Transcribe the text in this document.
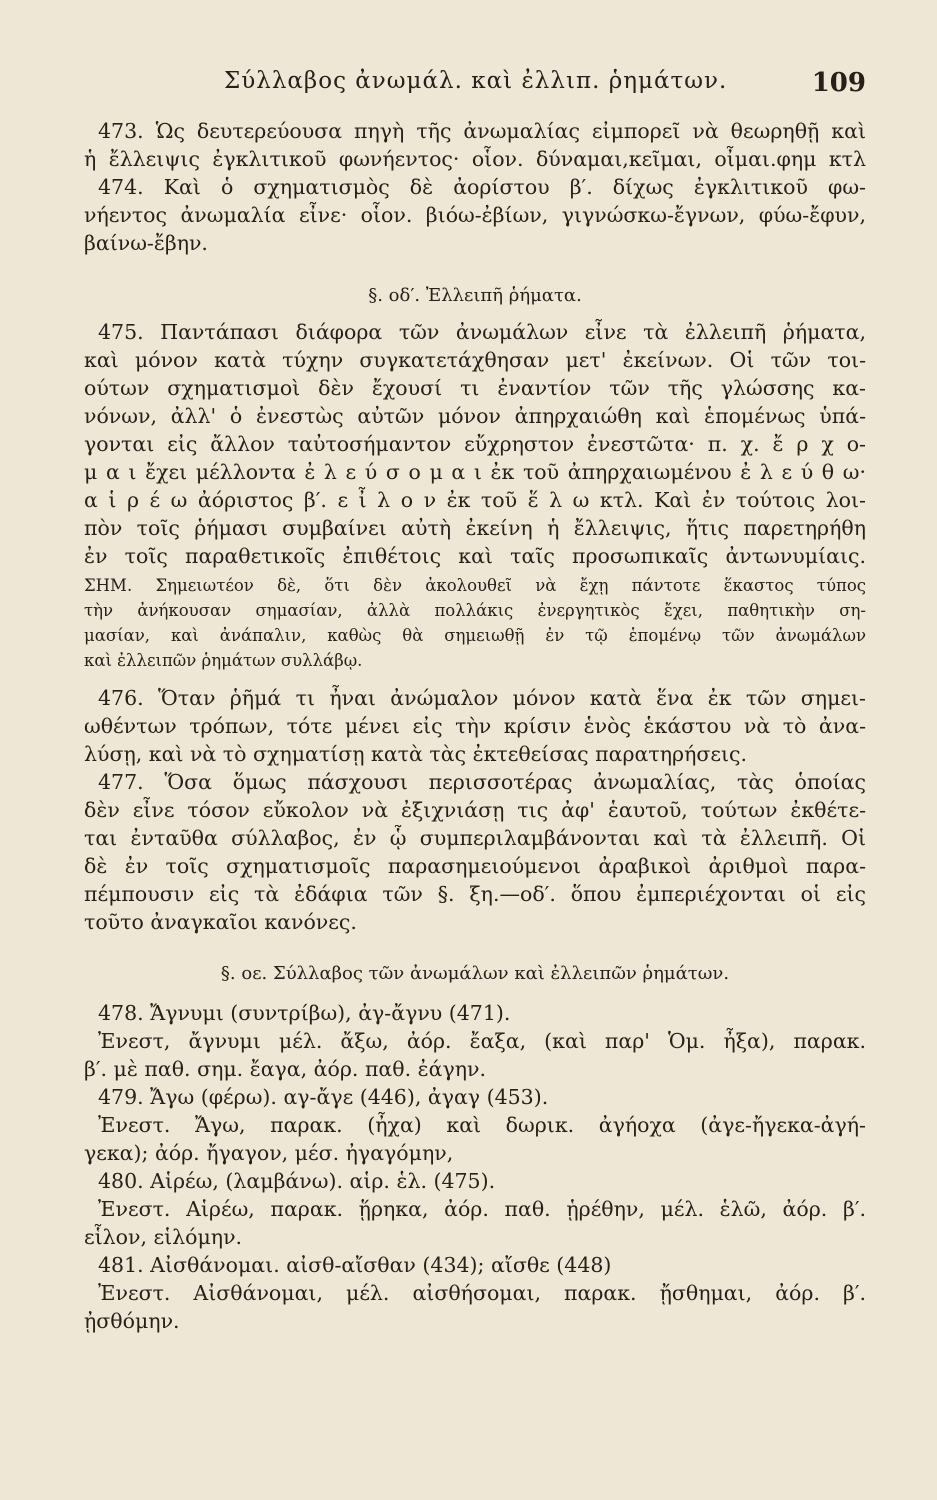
Σύλλαβος ἀνωμάλ. καὶ ἐλλιπ. ῥημάτων.	109
473. Ὡς δευτερεύουσα πηγὴ τῆς ἀνωμαλίας εἰμπορεῖ νὰ θεωρηθῇ καὶ
ἡ ἔλλειψις ἐγκλιτικοῦ φωνήεντος· οἷον. δύναμαι,κεῖμαι, οἶμαι.φημ κτλ
474. Καὶ ὁ σχηματισμὸς δὲ ἀορίστου β′. δίχως ἐγκλιτικοῦ φω-
νήεντος ἀνωμαλία εἶνε· οἷον. βιόω-ἐβίων, γιγνώσκω-ἔγνων, φύω-ἔφυν,
βαίνω-ἔβην.
§. οδ′. Ἐλλειπῆ ῥήματα.
475. Παντάπασι διάφορα τῶν ἀνωμάλων εἶνε τὰ ἐλλειπῆ ῥήματα,
καὶ μόνον κατὰ τύχην συγκατετάχθησαν μετ' ἐκείνων. Οἱ τῶν τοι-
ούτων σχηματισμοὶ δὲν ἔχουσί τι ἐναντίον τῶν τῆς γλώσσης κα-
νόνων, ἀλλ' ὁ ἐνεστὼς αὐτῶν μόνον ἀπηρχαιώθη καὶ ἑπομένως ὑπά-
γονται εἰς ἄλλον ταὐτοσήμαντον εὔχρηστον ἐνεστῶτα· π. χ. ἔ ρ χ ο-
μ α ι ἔχει μέλλοντα ἐ λ ε ύ σ ο μ α ι ἐκ τοῦ ἀπηρχαιωμένου ἐ λ ε ύ θ ω·
α ἱ ρ έ ω ἀόριστος β′. ε ἶ λ ο ν ἐκ τοῦ ἕ λ ω κτλ. Καὶ ἐν τούτοις λοι-
πὸν τοῖς ῥήμασι συμβαίνει αὐτὴ ἐκείνη ἡ ἔλλειψις, ἥτις παρετηρήθη
ἐν τοῖς παραθετικοῖς ἐπιθέτοις καὶ ταῖς προσωπικαῖς ἀντωνυμίαις.
ΣΗΜ. Σημειωτέον δὲ, ὅτι δὲν ἀκολουθεῖ νὰ ἔχῃ πάντοτε ἕκαστος τύπος
τὴν ἀνήκουσαν σημασίαν, ἀλλὰ πολλάκις ἐνεργητικὸς ἔχει, παθητικὴν ση-
μασίαν, καὶ ἀνάπαλιν, καθὼς θὰ σημειωθῇ ἐν τῷ ἑπομένῳ τῶν ἀνωμάλων
καὶ ἐλλειπῶν ῥημάτων συλλάβῳ.
476. Ὅταν ῥῆμά τι ἦναι ἀνώμαλον μόνον κατὰ ἕνα ἐκ τῶν σημει-
ωθέντων τρόπων, τότε μένει εἰς τὴν κρίσιν ἑνὸς ἑκάστου νὰ τὸ ἀνα-
λύσῃ, καὶ νὰ τὸ σχηματίσῃ κατὰ τὰς ἐκτεθείσας παρατηρήσεις.
477. Ὅσα ὅμως πάσχουσι περισσοτέρας ἀνωμαλίας, τὰς ὁποίας
δὲν εἶνε τόσον εὔκολον νὰ ἐξιχνιάσῃ τις ἀφ' ἑαυτοῦ, τούτων ἐκθέτε-
ται ἐνταῦθα σύλλαβος, ἐν ᾧ συμπεριλαμβάνονται καὶ τὰ ἐλλειπῆ. Οἱ
δὲ ἐν τοῖς σχηματισμοῖς παρασημειούμενοι ἀραβικοὶ ἀριθμοὶ παρα-
πέμπουσιν εἰς τὰ ἐδάφια τῶν §. ξη.—οδ′. ὅπου ἐμπεριέχονται οἱ εἰς
τοῦτο ἀναγκαῖοι κανόνες.
§. οε. Σύλλαβος τῶν ἀνωμάλων καὶ ἐλλειπῶν ῥημάτων.
478. Ἄγνυμι (συντρίβω), ἀγ-ἄγνυ (471).
Ἐνεστ, ἄγνυμι μέλ. ἄξω, ἀόρ. ἔαξα, (καὶ παρ' Ὁμ. ἦξα), παρακ.
β′. μὲ παθ. σημ. ἔαγα, ἀόρ. παθ. ἐάγην.
479. Ἄγω (φέρω). αγ-ἄγε (446), ἀγαγ (453).
Ἐνεστ. Ἄγω, παρακ. (ἦχα) καὶ δωρικ. ἀγήοχα (ἀγε-ἤγεκα-ἀγή-
γεκα); ἀόρ. ἤγαγον, μέσ. ἠγαγόμην,
480. Αἱρέω, (λαμβάνω). αἱρ. ἑλ. (475).
Ἐνεστ. Αἱρέω, παρακ. ᾕρηκα, ἀόρ. παθ. ᾑρέθην, μέλ. ἑλῶ, ἀόρ. β′.
εἷλον, εἱλόμην.
481. Αἰσθάνομαι. αἰσθ-αἴσθαν (434); αἴσθε (448)
Ἐνεστ. Αἰσθάνομαι, μέλ. αἰσθήσομαι, παρακ. ᾔσθημαι, ἀόρ. β′.
ᾐσθόμην.
